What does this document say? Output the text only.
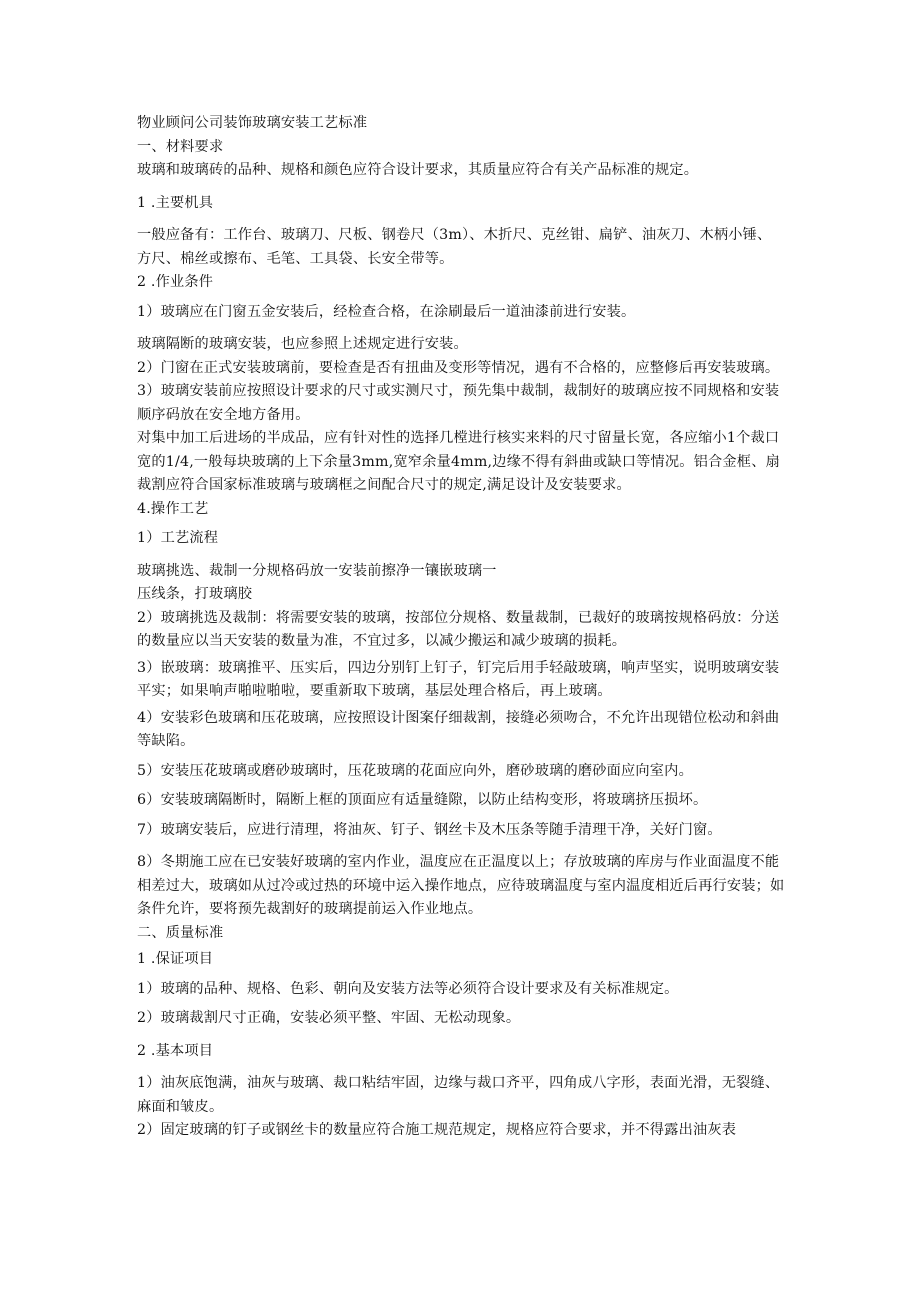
物业顾问公司装饰玻璃安装工艺标准

一、材料要求

玻璃和玻璃砖的品种、规格和颜色应符合设计要求，其质量应符合有关产品标准的规定。

1 .主要机具

一般应备有：工作台、玻璃刀、尺板、钢卷尺（3m）、木折尺、克丝钳、扁铲、油灰刀、木柄小锤、方尺、棉丝或擦布、毛笔、工具袋、长安全带等。

2 .作业条件

1）玻璃应在门窗五金安装后，经检查合格，在涂刷最后一道油漆前进行安装。

玻璃隔断的玻璃安装，也应参照上述规定进行安装。

2）门窗在正式安装玻璃前，要检查是否有扭曲及变形等情况，遇有不合格的，应整修后再安装玻璃。

3）玻璃安装前应按照设计要求的尺寸或实测尺寸，预先集中裁制，裁制好的玻璃应按不同规格和安装顺序码放在安全地方备用。

对集中加工后进场的半成品，应有针对性的选择几樘进行核实来料的尺寸留量长宽，各应缩小1个裁口宽的1/4,一般每块玻璃的上下余量3mm,宽窄余量4mm,边缘不得有斜曲或缺口等情况。铝合金框、扇裁割应符合国家标准玻璃与玻璃框之间配合尺寸的规定,满足设计及安装要求。

4.操作工艺

1）工艺流程

玻璃挑选、裁制一分规格码放一安装前擦净一镶嵌玻璃一

压线条，打玻璃胶

2）玻璃挑选及裁制：将需要安装的玻璃，按部位分规格、数量裁制，已裁好的玻璃按规格码放：分送的数量应以当天安装的数量为准，不宜过多，以减少搬运和减少玻璃的损耗。

3）嵌玻璃：玻璃推平、压实后，四边分别钉上钉子，钉完后用手轻敲玻璃，响声坚实，说明玻璃安装平实；如果响声啪啦啪啦，要重新取下玻璃，基层处理合格后，再上玻璃。

4）安装彩色玻璃和压花玻璃，应按照设计图案仔细裁割，接缝必须吻合，不允许出现错位松动和斜曲等缺陷。

5）安装压花玻璃或磨砂玻璃时，压花玻璃的花面应向外，磨砂玻璃的磨砂面应向室内。

6）安装玻璃隔断时，隔断上框的顶面应有适量缝隙，以防止结构变形，将玻璃挤压损坏。

7）玻璃安装后，应进行清理，将油灰、钉子、钢丝卡及木压条等随手清理干净，关好门窗。

8）冬期施工应在已安装好玻璃的室内作业，温度应在正温度以上；存放玻璃的库房与作业面温度不能相差过大，玻璃如从过冷或过热的环境中运入操作地点，应待玻璃温度与室内温度相近后再行安装；如条件允许，要将预先裁割好的玻璃提前运入作业地点。

二、质量标准

1 .保证项目

1）玻璃的品种、规格、色彩、朝向及安装方法等必须符合设计要求及有关标准规定。

2）玻璃裁割尺寸正确，安装必须平整、牢固、无松动现象。

2 .基本项目

1）油灰底饱满，油灰与玻璃、裁口粘结牢固，边缘与裁口齐平，四角成八字形，表面光滑，无裂缝、麻面和皱皮。

2）固定玻璃的钉子或钢丝卡的数量应符合施工规范规定，规格应符合要求，并不得露出油灰表
